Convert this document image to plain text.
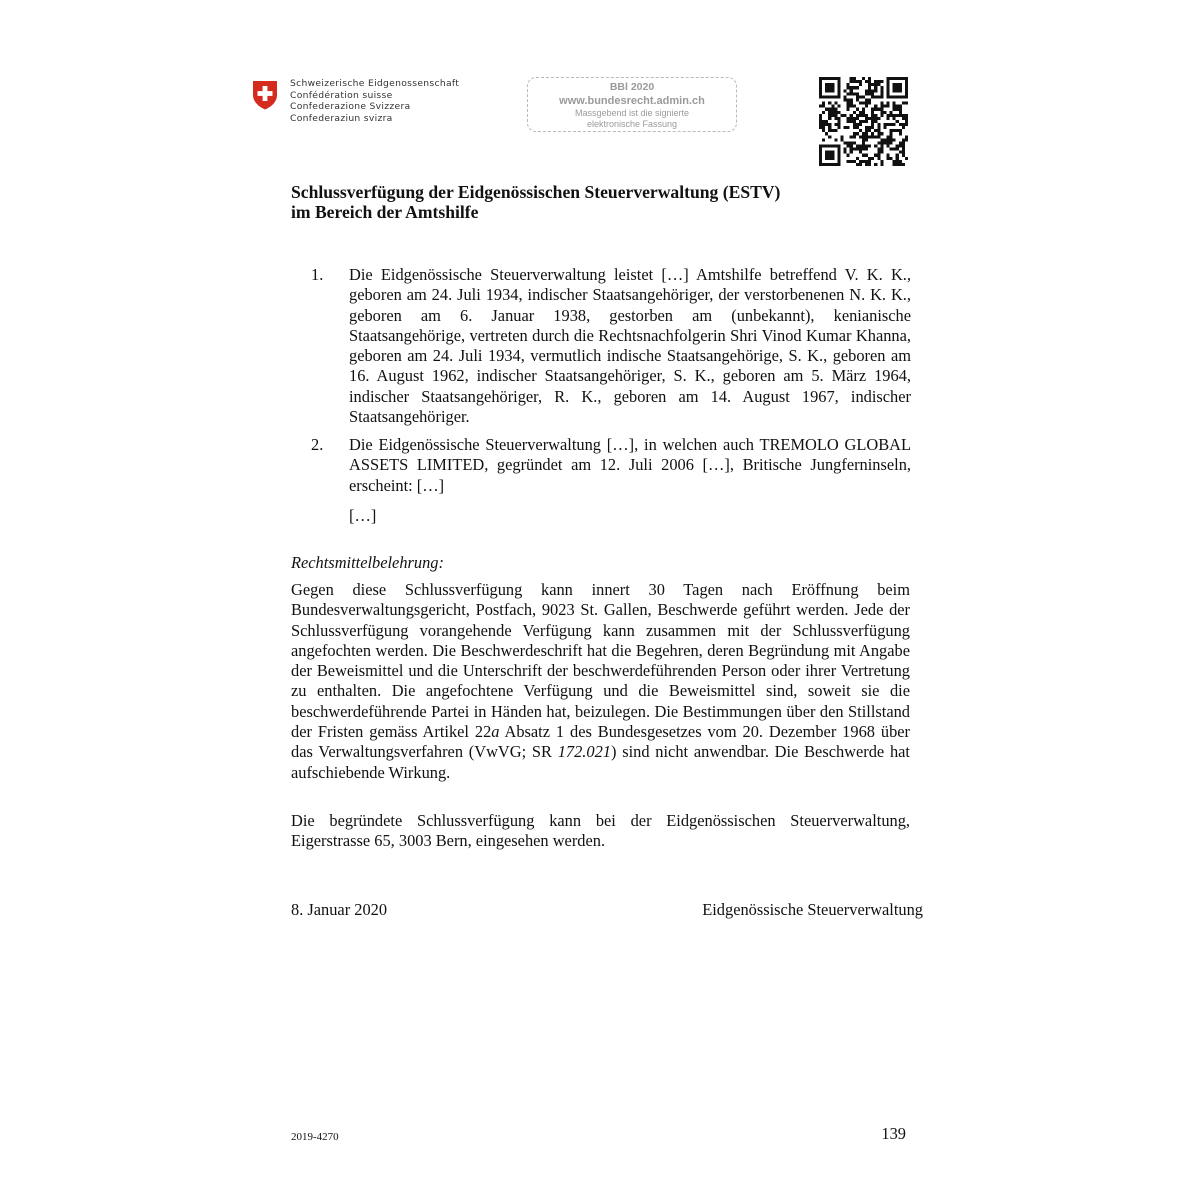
Schweizerische Eidgenossenschaft
Confédération suisse
Confederazione Svizzera
Confederaziun svizra
BBl 2020
www.bundesrecht.admin.ch
Massgebend ist die signierte
elektronische Fassung
Schlussverfügung der Eidgenössischen Steuerverwaltung (ESTV)
im Bereich der Amtshilfe
1. Die Eidgenössische Steuerverwaltung leistet […] Amtshilfe betreffend V. K. K., geboren am 24. Juli 1934, indischer Staatsangehöriger, der verstorbenenen N. K. K., geboren am 6. Januar 1938, gestorben am (unbekannt), kenianische Staatsangehörige, vertreten durch die Rechtsnachfolgerin Shri Vinod Kumar Khanna, geboren am 24. Juli 1934, vermutlich indische Staatsangehörige, S. K., geboren am 16. August 1962, indischer Staatsangehöriger, S. K., geboren am 5. März 1964, indischer Staatsangehöriger, R. K., geboren am 14. August 1967, indischer Staatsangehöriger.
2. Die Eidgenössische Steuerverwaltung […], in welchen auch TREMOLO GLOBAL ASSETS LIMITED, gegründet am 12. Juli 2006 […], Britische Jungferninseln, erscheint: […]
[…]
Rechtsmittelbelehrung:
Gegen diese Schlussverfügung kann innert 30 Tagen nach Eröffnung beim Bundesverwaltungsgericht, Postfach, 9023 St. Gallen, Beschwerde geführt werden. Jede der Schlussverfügung vorangehende Verfügung kann zusammen mit der Schlussverfügung angefochten werden. Die Beschwerdeschrift hat die Begehren, deren Begründung mit Angabe der Beweismittel und die Unterschrift der beschwerdeführenden Person oder ihrer Vertretung zu enthalten. Die angefochtene Verfügung und die Beweismittel sind, soweit sie die beschwerdeführende Partei in Händen hat, beizulegen. Die Bestimmungen über den Stillstand der Fristen gemäss Artikel 22a Absatz 1 des Bundesgesetzes vom 20. Dezember 1968 über das Verwaltungsverfahren (VwVG; SR 172.021) sind nicht anwendbar. Die Beschwerde hat aufschiebende Wirkung.
Die begründete Schlussverfügung kann bei der Eidgenössischen Steuerverwaltung, Eigerstrasse 65, 3003 Bern, eingesehen werden.
8. Januar 2020	Eidgenössische Steuerverwaltung
2019-4270	139
